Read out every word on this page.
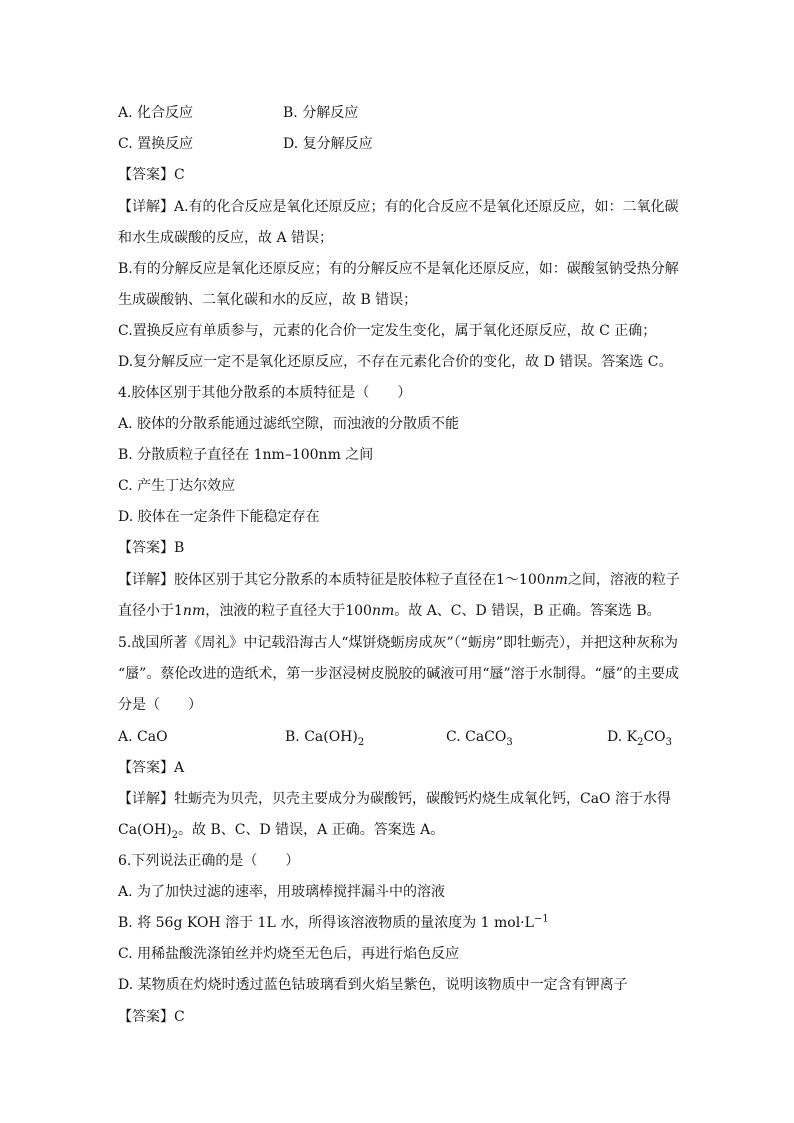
A. 化合反应	B. 分解反应
C. 置换反应	D. 复分解反应
【答案】C
【详解】A.有的化合反应是氧化还原反应；有的化合反应不是氧化还原反应，如：二氧化碳
和水生成碳酸的反应，故 A 错误；
B.有的分解反应是氧化还原反应；有的分解反应不是氧化还原反应，如：碳酸氢钠受热分解
生成碳酸钠、二氧化碳和水的反应，故 B 错误；
C.置换反应有单质参与，元素的化合价一定发生变化，属于氧化还原反应，故 C 正确；
D.复分解反应一定不是氧化还原反应，不存在元素化合价的变化，故 D 错误。答案选 C。
4.胶体区别于其他分散系的本质特征是（　　）
A. 胶体的分散系能通过滤纸空隙，而浊液的分散质不能
B. 分散质粒子直径在 1nm–100nm 之间
C. 产生丁达尔效应
D. 胶体在一定条件下能稳定存在
【答案】B
【详解】胶体区别于其它分散系的本质特征是胶体粒子直径在1～100nm之间，溶液的粒子
直径小于1nm，浊液的粒子直径大于100nm。故 A、C、D 错误，B 正确。答案选 B。
5.战国所著《周礼》中记载沿海古人“煤饼烧蛎房成灰”（“蛎房”即牡蛎壳），并把这种灰称为
“蜃”。蔡伦改进的造纸术，第一步沤浸树皮脱胶的碱液可用“蜃”溶于水制得。“蜃”的主要成
分是（　　）
A. CaO	B. $Ca(OH)_2$	C. CaCO$_3$	D. $K_2CO_3$
【答案】A
【详解】牡蛎壳为贝壳，贝壳主要成分为碳酸钙，碳酸钙灼烧生成氧化钙，CaO 溶于水得
$Ca(OH)_2$。故 B、C、D 错误，A 正确。答案选 A。
6.下列说法正确的是（　　）
A. 为了加快过滤的速率，用玻璃棒搅拌漏斗中的溶液
B. 将 56g KOH 溶于 1L 水，所得该溶液物质的量浓度为 1 $mol\cdot L^{-1}$
C. 用稀盐酸洗涤铂丝并灼烧至无色后，再进行焰色反应
D. 某物质在灼烧时透过蓝色钴玻璃看到火焰呈紫色，说明该物质中一定含有钾离子
【答案】C
